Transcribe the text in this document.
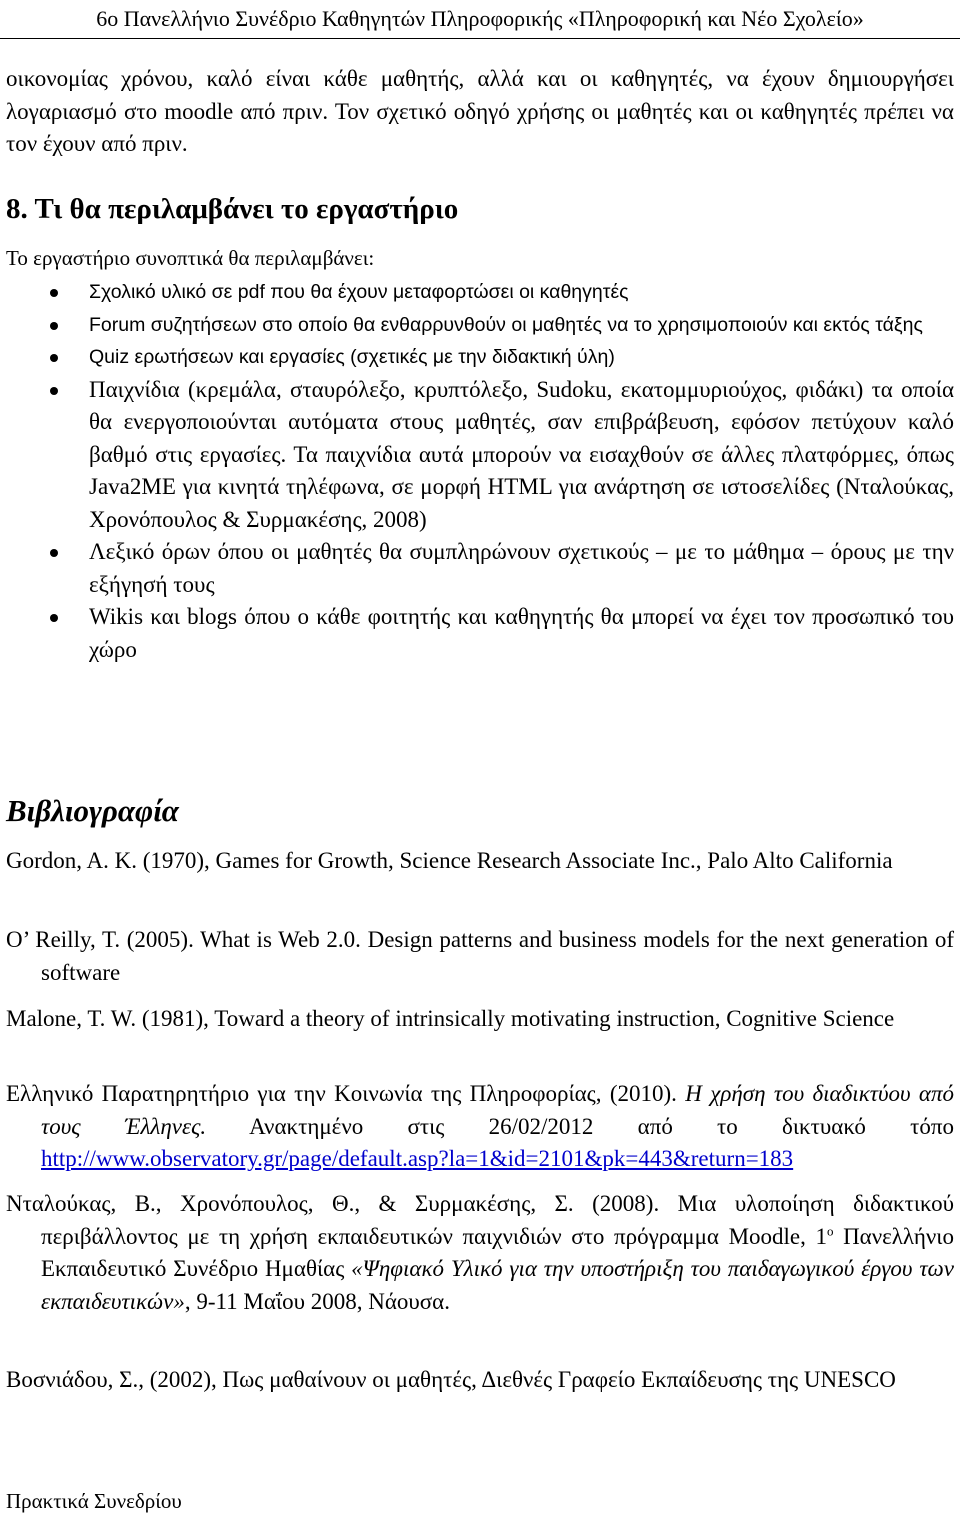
6ο Πανελλήνιο Συνέδριο Καθηγητών Πληροφορικής «Πληροφορική και Νέο Σχολείο»
οικονομίας χρόνου, καλό είναι κάθε μαθητής, αλλά και οι καθηγητές, να έχουν δημιουργήσει λογαριασμό στο moodle από πριν. Τον σχετικό οδηγό χρήσης οι μαθητές και οι καθηγητές πρέπει να τον έχουν από πριν.
8. Τι θα περιλαμβάνει το εργαστήριο
Το εργαστήριο συνοπτικά θα περιλαμβάνει:
Σχολικό υλικό σε pdf που θα έχουν μεταφορτώσει οι καθηγητές
Forum συζητήσεων στο οποίο θα ενθαρρυνθούν οι μαθητές να το χρησιμοποιούν και εκτός τάξης
Quiz ερωτήσεων και εργασίες (σχετικές με την διδακτική ύλη)
Παιχνίδια (κρεμάλα, σταυρόλεξο, κρυπτόλεξο, Sudoku, εκατομμυριούχος, φιδάκι) τα οποία θα ενεργοποιούνται αυτόματα στους μαθητές, σαν επιβράβευση, εφόσον πετύχουν καλό βαθμό στις εργασίες. Τα παιχνίδια αυτά μπορούν να εισαχθούν σε άλλες πλατφόρμες, όπως Java2ME για κινητά τηλέφωνα, σε μορφή HTML για ανάρτηση σε ιστοσελίδες (Νταλούκας, Χρονόπουλος & Συρμακέσης, 2008)
Λεξικό όρων όπου οι μαθητές θα συμπληρώνουν σχετικούς – με το μάθημα – όρους με την εξήγησή τους
Wikis και blogs όπου ο κάθε φοιτητής και καθηγητής θα μπορεί να έχει τον προσωπικό του χώρο
Βιβλιογραφία
Gordon, A. K. (1970), Games for Growth, Science Research Associate Inc., Palo Alto California
O’ Reilly, T. (2005). What is Web 2.0. Design patterns and business models for the next generation of software
Malone, T. W. (1981), Toward a theory of intrinsically motivating instruction, Cognitive Science
Ελληνικό Παρατηρητήριο για την Κοινωνία της Πληροφορίας, (2010). Η χρήση του διαδικτύου από τους Έλληνες. Ανακτημένο στις 26/02/2012 από το δικτυακό τόπο http://www.observatory.gr/page/default.asp?la=1&id=2101&pk=443&return=183
Νταλούκας, Β., Χρονόπουλος, Θ., & Συρμακέσης, Σ. (2008). Μια υλοποίηση διδακτικού περιβάλλοντος με τη χρήση εκπαιδευτικών παιχνιδιών στο πρόγραμμα Moodle, $1^o$ Πανελλήνιο Εκπαιδευτικό Συνέδριο Ημαθίας «Ψηφιακό Υλικό για την υποστήριξη του παιδαγωγικού έργου των εκπαιδευτικών», 9-11 Μαΐου 2008, Νάουσα.
Βοσνιάδου, Σ., (2002), Πως μαθαίνουν οι μαθητές, Διεθνές Γραφείο Εκπαίδευσης της UNESCO
Πρακτικά Συνεδρίου
